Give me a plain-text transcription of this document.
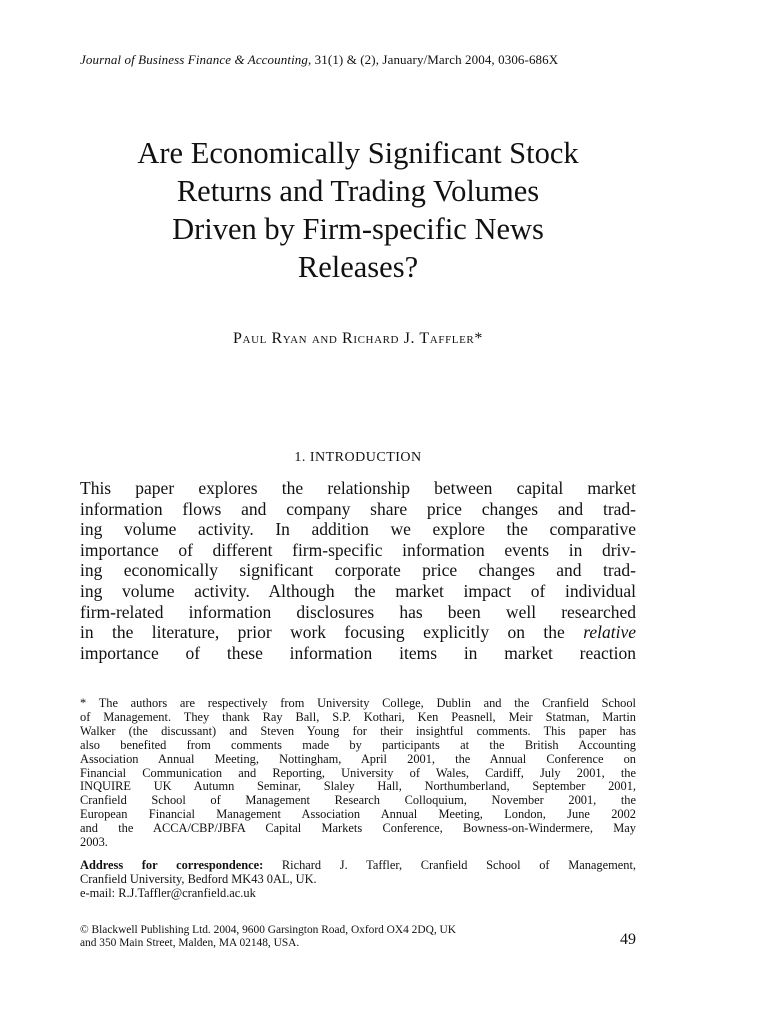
Journal of Business Finance & Accounting, 31(1) & (2), January/March 2004, 0306-686X
Are Economically Significant Stock
Returns and Trading Volumes
Driven by Firm-specific News
Releases?
Paul Ryan and Richard J. Taffler*
1. INTRODUCTION
This paper explores the relationship between capital market
information flows and company share price changes and trad-
ing volume activity. In addition we explore the comparative
importance of different firm-specific information events in driv-
ing economically significant corporate price changes and trad-
ing volume activity. Although the market impact of individual
firm-related information disclosures has been well researched
in the literature, prior work focusing explicitly on the relative
importance of these information items in market reaction
* The authors are respectively from University College, Dublin and the Cranfield School
of Management. They thank Ray Ball, S.P. Kothari, Ken Peasnell, Meir Statman, Martin
Walker (the discussant) and Steven Young for their insightful comments. This paper has
also benefited from comments made by participants at the British Accounting
Association Annual Meeting, Nottingham, April 2001, the Annual Conference on
Financial Communication and Reporting, University of Wales, Cardiff, July 2001, the
INQUIRE UK Autumn Seminar, Slaley Hall, Northumberland, September 2001,
Cranfield School of Management Research Colloquium, November 2001, the
European Financial Management Association Annual Meeting, London, June 2002
and the ACCA/CBP/JBFA Capital Markets Conference, Bowness-on-Windermere, May
2003.
Address for correspondence: Richard J. Taffler, Cranfield School of Management,
Cranfield University, Bedford MK43 0AL, UK.
e-mail: R.J.Taffler@cranfield.ac.uk
© Blackwell Publishing Ltd. 2004, 9600 Garsington Road, Oxford OX4 2DQ, UK
and 350 Main Street, Malden, MA 02148, USA.	49
